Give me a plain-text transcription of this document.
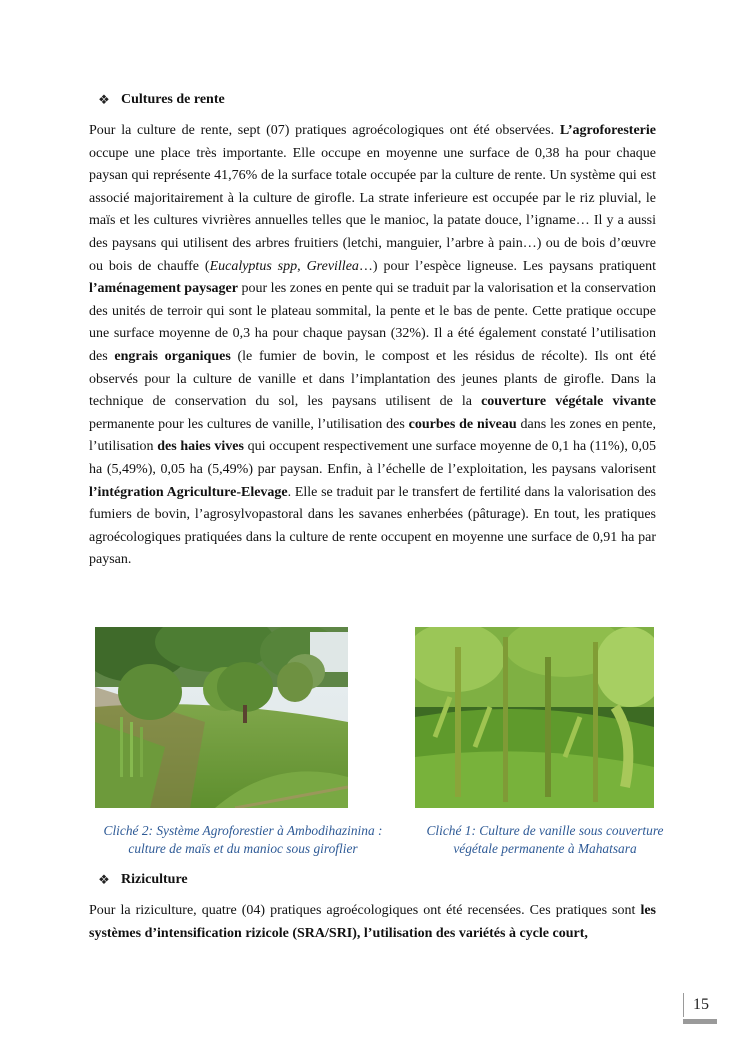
❖ Cultures de rente

Pour la culture de rente, sept (07) pratiques agroécologiques ont été observées. L’agroforesterie occupe une place très importante. Elle occupe en moyenne une surface de 0,38 ha pour chaque paysan qui représente 41,76% de la surface totale occupée par la culture de rente. Un système qui est associé majoritairement à la culture de girofle. La strate inferieure est occupée par le riz pluvial, le maïs et les cultures vivrières annuelles telles que le manioc, la patate douce, l’igname… Il y a aussi des paysans qui utilisent des arbres fruitiers (letchi, manguier, l’arbre à pain…) ou de bois d’œuvre ou bois de chauffe (Eucalyptus spp, Grevillea…) pour l’espèce ligneuse. Les paysans pratiquent l’aménagement paysager pour les zones en pente qui se traduit par la valorisation et la conservation des unités de terroir qui sont le plateau sommital, la pente et le bas de pente. Cette pratique occupe une surface moyenne de 0,3 ha pour chaque paysan (32%). Il a été également constaté l’utilisation des engrais organiques (le fumier de bovin, le compost et les résidus de récolte). Ils ont été observés pour la culture de vanille et dans l’implantation des jeunes plants de girofle. Dans la technique de conservation du sol, les paysans utilisent de la couverture végétale vivante permanente pour les cultures de vanille, l’utilisation des courbes de niveau dans les zones en pente, l’utilisation des haies vives qui occupent respectivement une surface moyenne de 0,1 ha (11%), 0,05 ha (5,49%), 0,05 ha (5,49%) par paysan. Enfin, à l’échelle de l’exploitation, les paysans valorisent l’intégration Agriculture-Elevage. Elle se traduit par le transfert de fertilité dans la valorisation des fumiers de bovin, l’agrosylvopastoral dans les savanes enherbées (pâturage). En tout, les pratiques agroécologiques pratiquées dans la culture de rente occupent en moyenne une surface de 0,91 ha par paysan.

Cliché 2: Système Agroforestier à Ambodihazinina : culture de maïs et du manioc sous giroflier
Cliché 1: Culture de vanille sous couverture végétale permanente à Mahatsara
❖ Riziculture

Pour la riziculture, quatre (04) pratiques agroécologiques ont été recensées. Ces pratiques sont les systèmes d’intensification rizicole (SRA/SRI), l’utilisation des variétés à cycle court,

15
